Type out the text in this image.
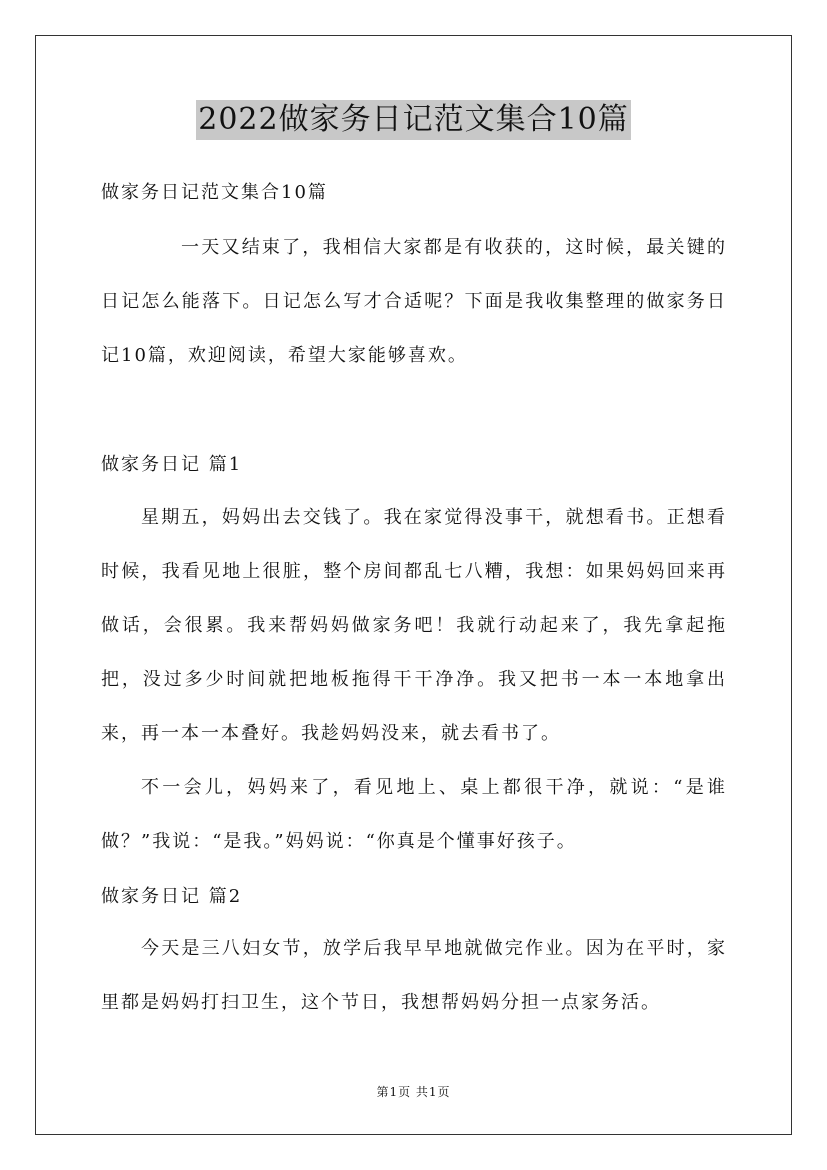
2022做家务日记范文集合10篇
做家务日记范文集合10篇
一天又结束了，我相信大家都是有收获的，这时候，最关键的日记怎么能落下。日记怎么写才合适呢？下面是我收集整理的做家务日记10篇，欢迎阅读，希望大家能够喜欢。
做家务日记 篇1
星期五，妈妈出去交钱了。我在家觉得没事干，就想看书。正想看时候，我看见地上很脏，整个房间都乱七八糟，我想：如果妈妈回来再做话，会很累。我来帮妈妈做家务吧！我就行动起来了，我先拿起拖把，没过多少时间就把地板拖得干干净净。我又把书一本一本地拿出来，再一本一本叠好。我趁妈妈没来，就去看书了。
不一会儿，妈妈来了，看见地上、桌上都很干净，就说：“是谁做？”我说：“是我。”妈妈说：“你真是个懂事好孩子。
做家务日记 篇2
今天是三八妇女节，放学后我早早地就做完作业。因为在平时，家里都是妈妈打扫卫生，这个节日，我想帮妈妈分担一点家务活。
第1页 共1页
